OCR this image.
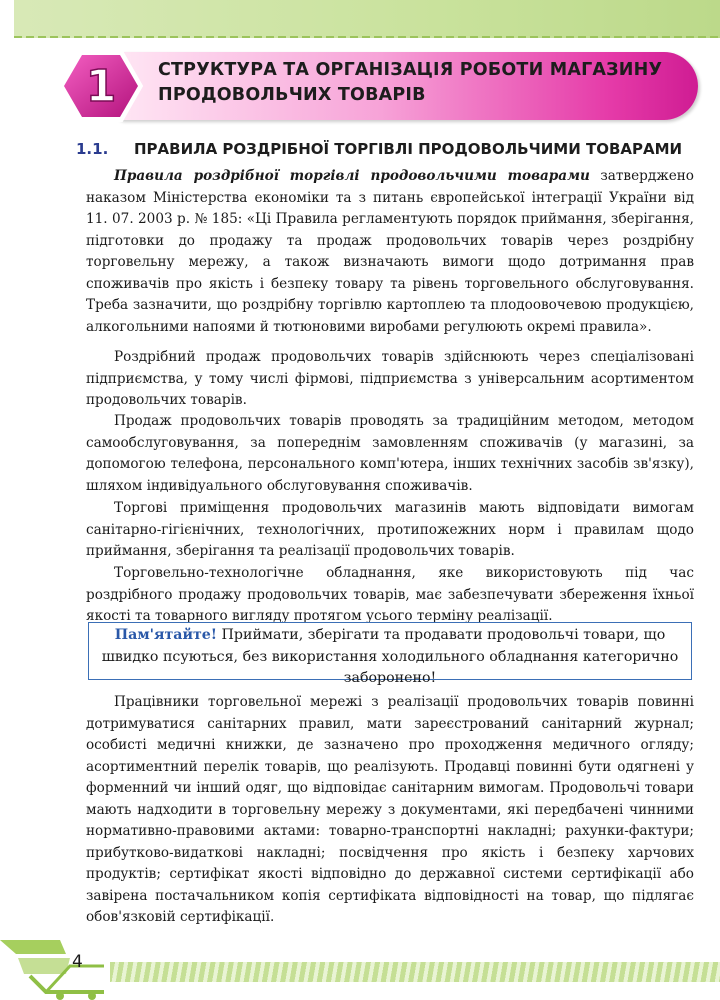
1 СТРУКТУРА ТА ОРГАНІЗАЦІЯ РОБОТИ МАГАЗИНУ
ПРОДОВОЛЬЧИХ ТОВАРІВ
1.1. ПРАВИЛА РОЗДРІБНОЇ ТОРГІВЛІ ПРОДОВОЛЬЧИМИ ТОВАРАМИ

Правила роздрібної торгівлі продовольчими товарами затверджено наказом Міністерства економіки та з питань європейської інтеграції України від 11. 07. 2003 р. № 185: «Ці Правила регламентують порядок приймання, зберігання, підготовки до продажу та продаж продовольчих товарів через роздрібну торговельну мережу, а також визначають вимоги щодо дотримання прав споживачів про якість і безпеку товару та рівень торговельного обслуговування. Треба зазначити, що роздрібну торгівлю картоплею та плодоовочевою продукцією, алкогольними напоями й тютюновими виробами регулюють окремі правила».

Роздрібний продаж продовольчих товарів здійснюють через спеціалізовані підприємства, у тому числі фірмові, підприємства з універсальним асортиментом продовольчих товарів.

Продаж продовольчих товарів проводять за традиційним методом, методом самообслуговування, за попереднім замовленням споживачів (у магазині, за допомогою телефона, персонального комп'ютера, інших технічних засобів зв'язку), шляхом індивідуального обслуговування споживачів.

Торгові приміщення продовольчих магазинів мають відповідати вимогам санітарно-гігієнічних, технологічних, протипожежних норм і правилам щодо приймання, зберігання та реалізації продовольчих товарів.

Торговельно-технологічне обладнання, яке використовують під час роздрібного продажу продовольчих товарів, має забезпечувати збереження їхньої якості та товарного вигляду протягом усього терміну реалізації.

Пам'ятайте! Приймати, зберігати та продавати продовольчі товари, що швидко псуються, без використання холодильного обладнання категорично заборонено!

Працівники торговельної мережі з реалізації продовольчих товарів повинні дотримуватися санітарних правил, мати зареєстрований санітарний журнал; особисті медичні книжки, де зазначено про проходження медичного огляду; асортиментний перелік товарів, що реалізують. Продавці повинні бути одягнені у форменний чи інший одяг, що відповідає санітарним вимогам. Продовольчі товари мають надходити в торговельну мережу з документами, які передбачені чинними нормативно-правовими актами: товарно-транспортні накладні; рахунки-фактури; прибутково-видаткові накладні; посвідчення про якість і безпеку харчових продуктів; сертифікат якості відповідно до державної системи сертифікації або завірена постачальником копія сертифіката відповідності на товар, що підлягає обов'язковій сертифікації.

4
